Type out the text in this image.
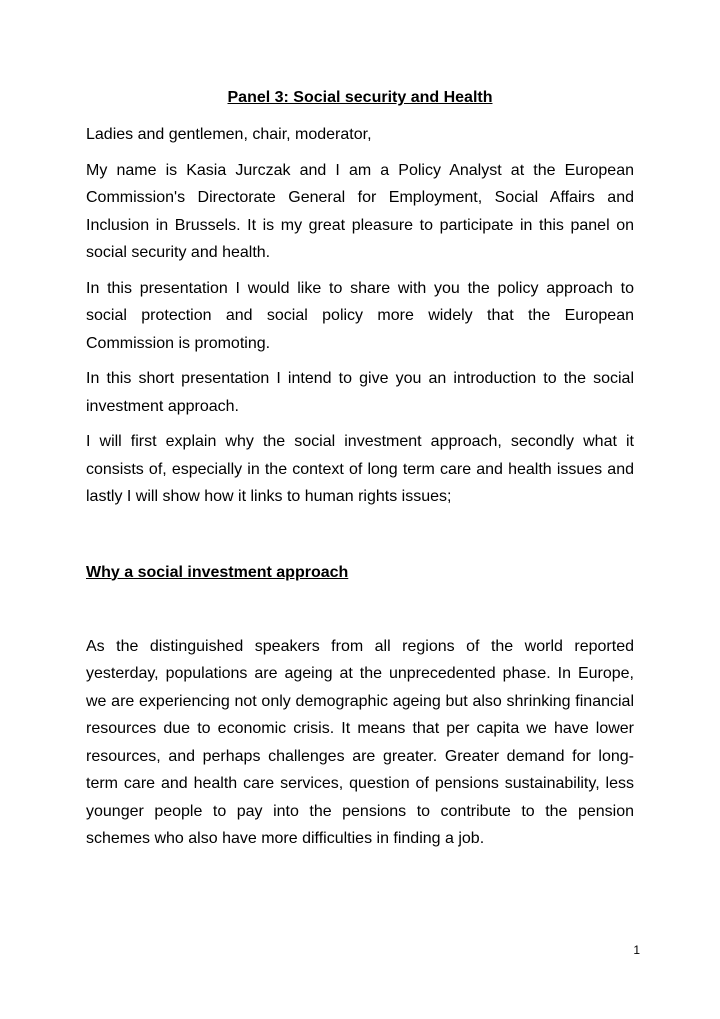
Panel 3: Social security and Health

Ladies and gentlemen, chair, moderator,

My name is Kasia Jurczak and I am a Policy Analyst at the European Commission's Directorate General for Employment, Social Affairs and Inclusion in Brussels. It is my great pleasure to participate in this panel on social security and health.

In this presentation I would like to share with you the policy approach to social protection and social policy more widely that the European Commission is promoting.

In this short presentation I intend to give you an introduction to the social investment approach.

I will first explain why the social investment approach, secondly what it consists of, especially in the context of long term care and health issues and lastly I will show how it links to human rights issues;

Why a social investment approach

As the distinguished speakers from all regions of the world reported yesterday, populations are ageing at the unprecedented phase. In Europe, we are experiencing not only demographic ageing but also shrinking financial resources due to economic crisis. It means that per capita we have lower resources, and perhaps challenges are greater. Greater demand for long-term care and health care services, question of pensions sustainability, less younger people to pay into the pensions to contribute to the pension schemes who also have more difficulties in finding a job.

1
